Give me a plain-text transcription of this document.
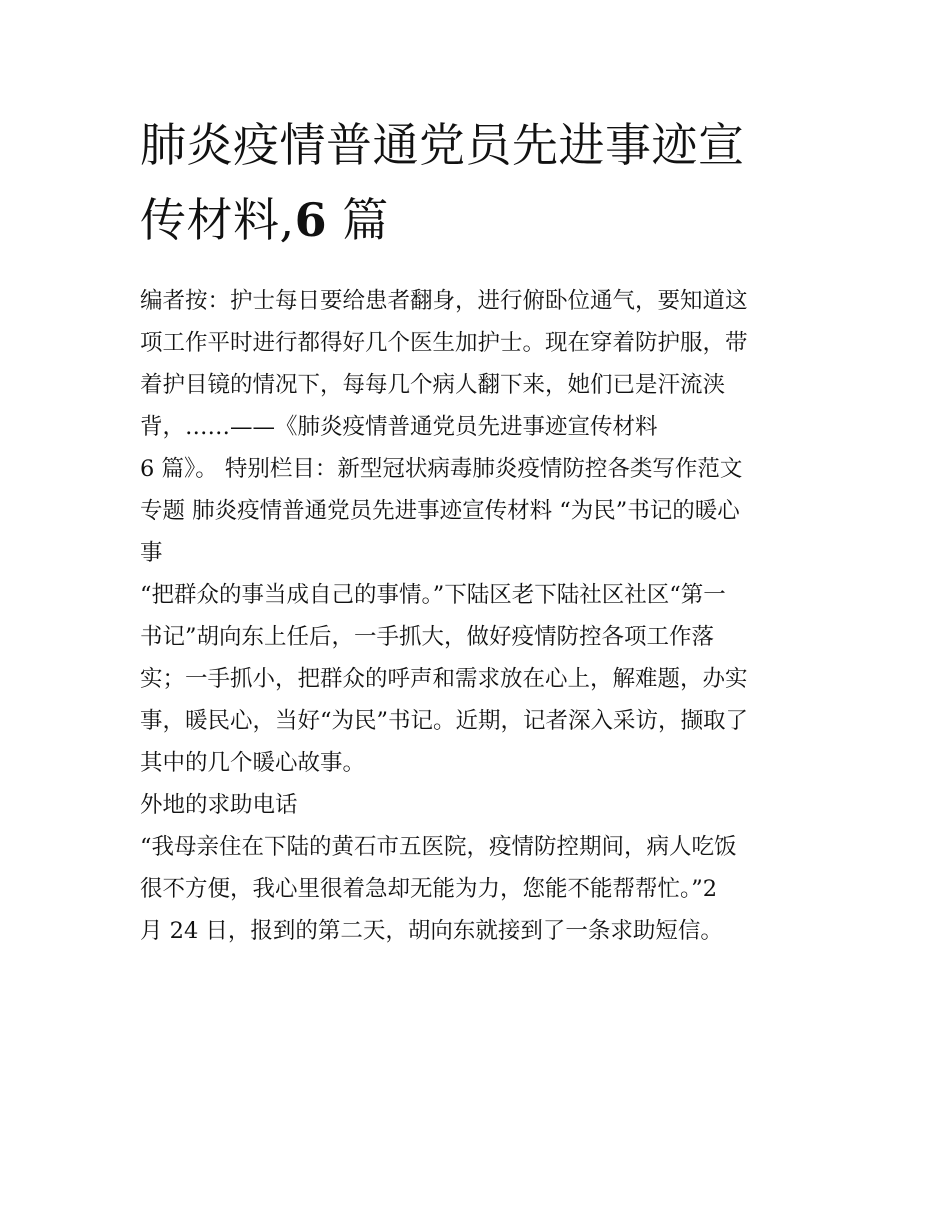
肺炎疫情普通党员先进事迹宣
传材料,6 篇
编者按：护士每日要给患者翻身，进行俯卧位通气，要知道这
项工作平时进行都得好几个医生加护士。现在穿着防护服，带
着护目镜的情况下，每每几个病人翻下来，她们已是汗流浃
背，……——《肺炎疫情普通党员先进事迹宣传材料
6 篇》。 特别栏目：新型冠状病毒肺炎疫情防控各类写作范文
专题 肺炎疫情普通党员先进事迹宣传材料 “为民”书记的暖心
事
“把群众的事当成自己的事情。”下陆区老下陆社区社区“第一
书记”胡向东上任后，一手抓大，做好疫情防控各项工作落
实；一手抓小，把群众的呼声和需求放在心上，解难题，办实
事，暖民心，当好“为民”书记。近期，记者深入采访，撷取了
其中的几个暖心故事。
外地的求助电话
“我母亲住在下陆的黄石市五医院，疫情防控期间，病人吃饭
很不方便，我心里很着急却无能为力，您能不能帮帮忙。”2
月 24 日，报到的第二天，胡向东就接到了一条求助短信。
